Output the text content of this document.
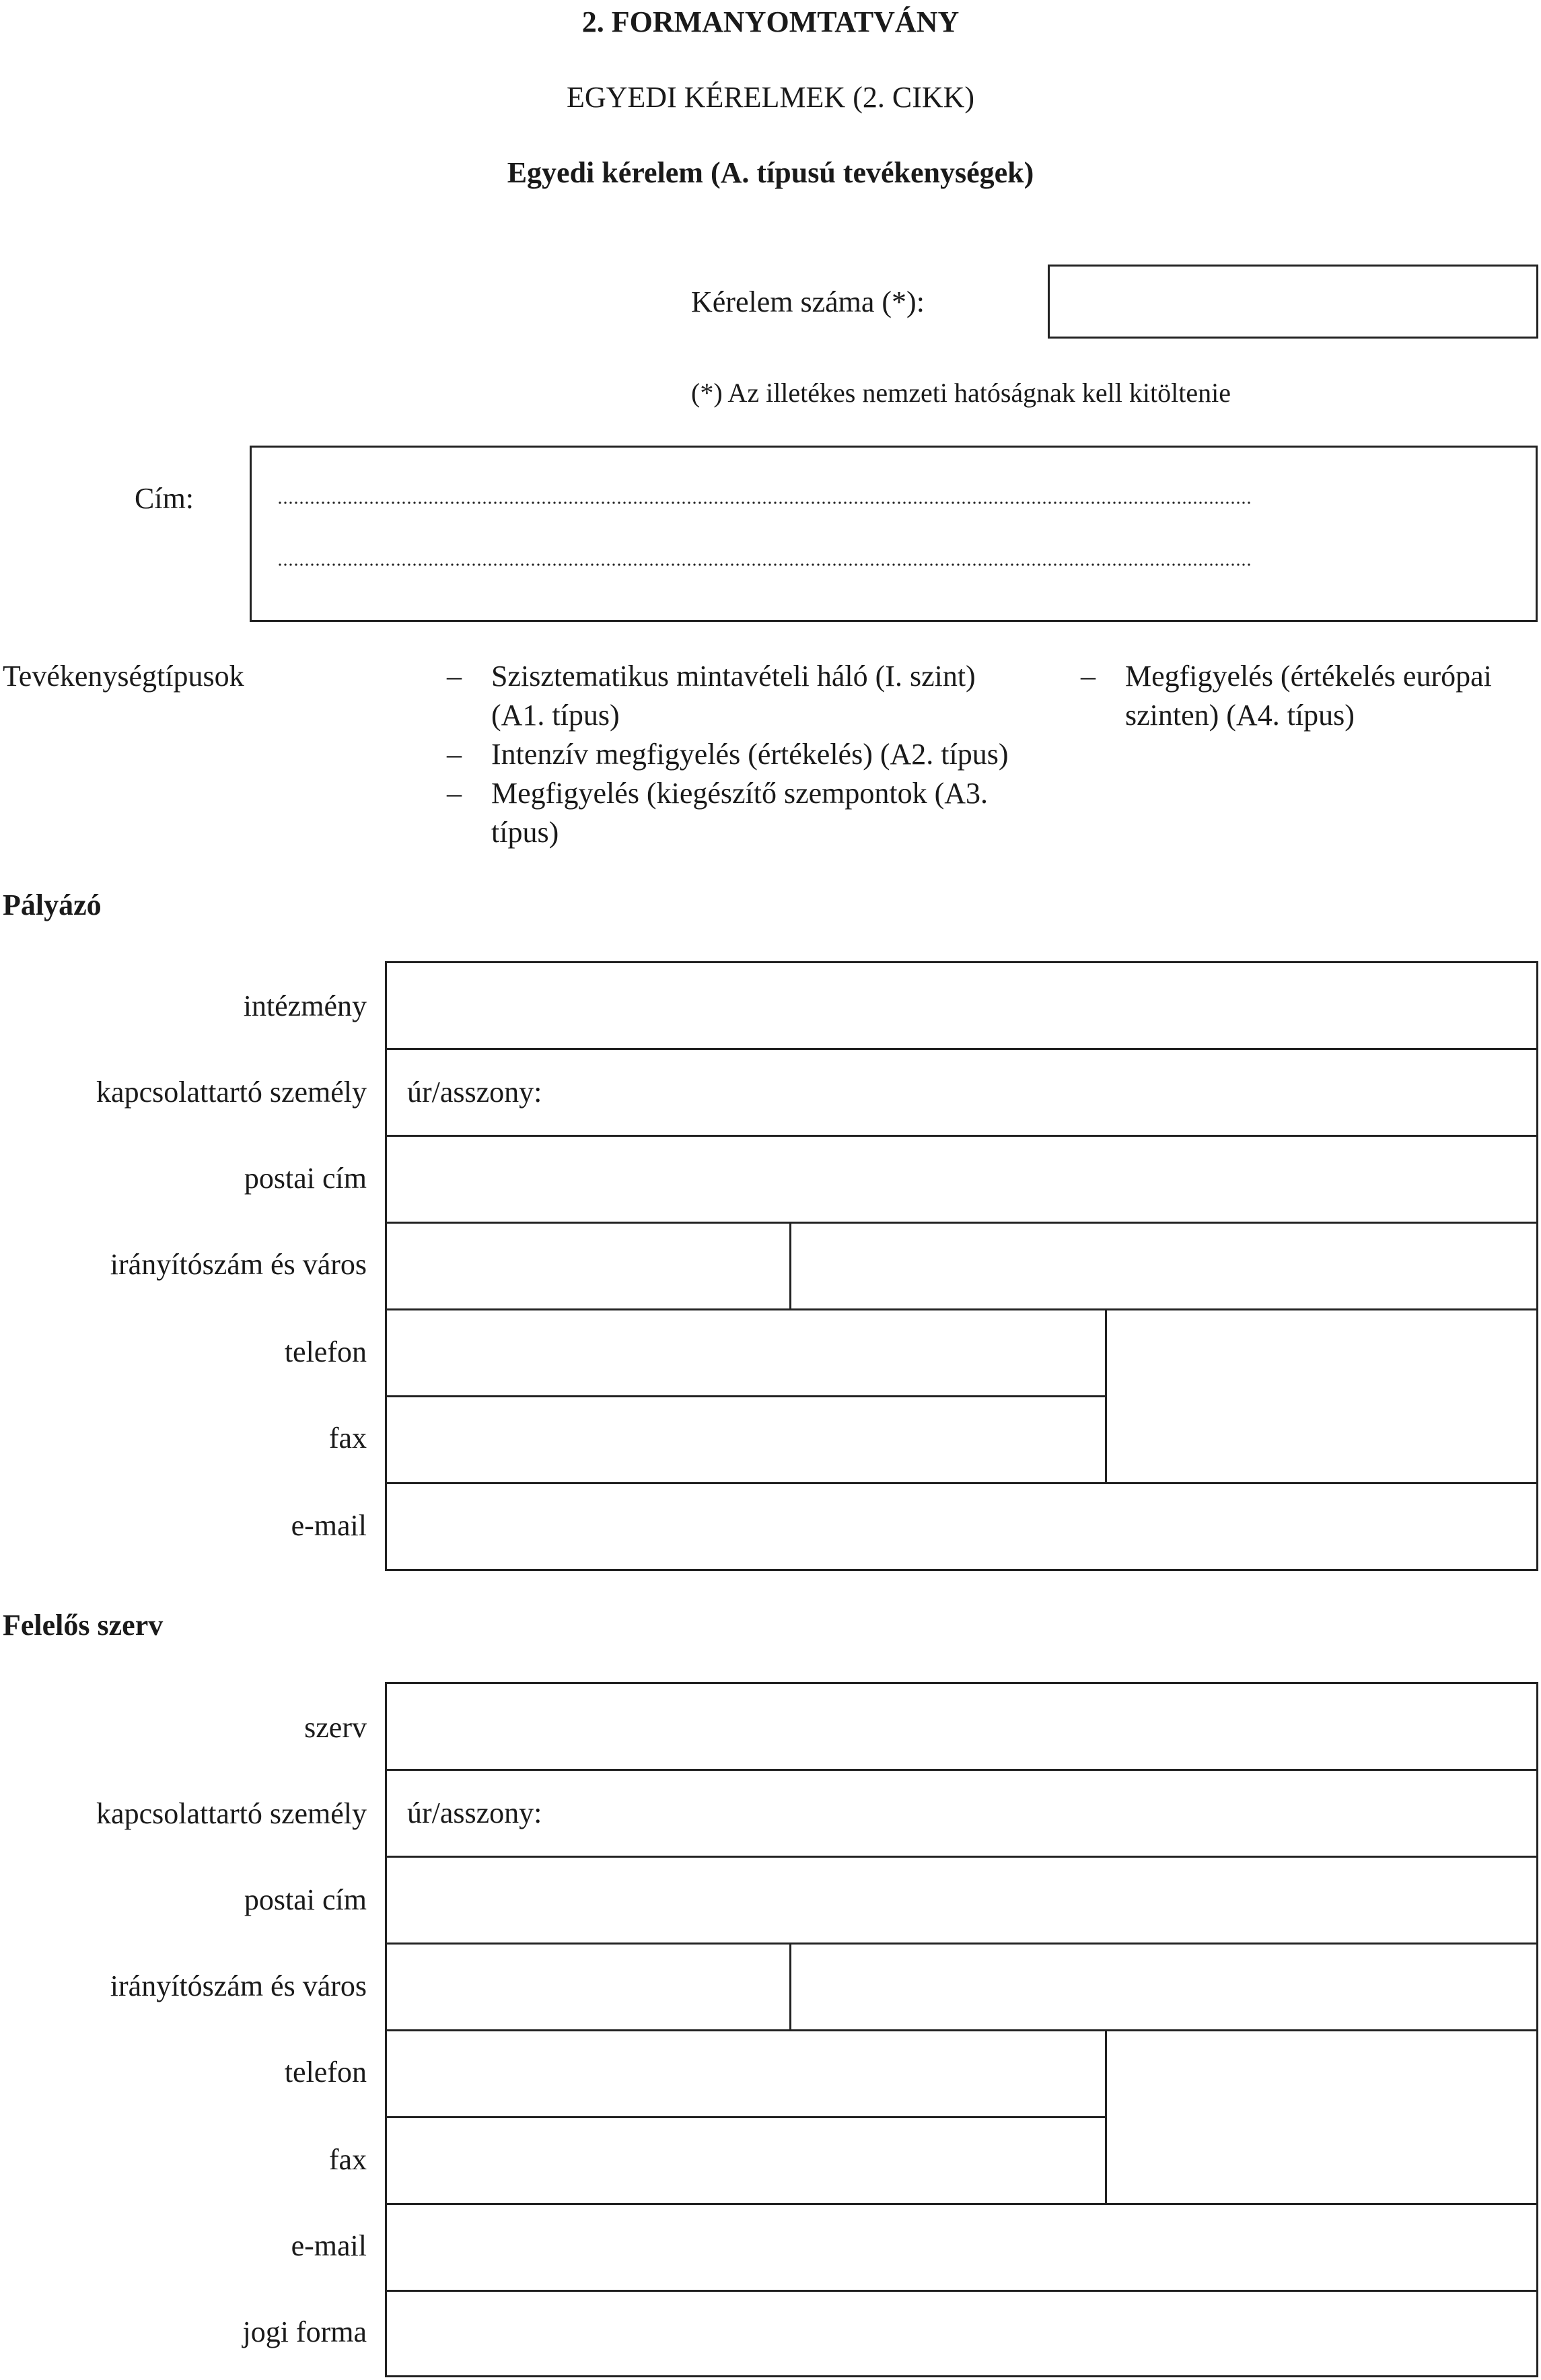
2. FORMANYOMTATVÁNY
EGYEDI KÉRELMEK (2. CIKK)
Egyedi kérelem (A. típusú tevékenységek)
Kérelem száma (*):
(*) Az illetékes nemzeti hatóságnak kell kitöltenie
Cím:
Tevékenységtípusok	– Szisztematikus mintavételi háló (I. szint) (A1. típus)
– Intenzív megfigyelés (értékelés) (A2. típus)
– Megfigyelés (kiegészítő szempontok (A3. típus)
– Megfigyelés (értékelés európai szinten) (A4. típus)
Pályázó
intézmény
kapcsolattartó személy
postai cím
irányítószám és város
telefon
fax
e-mail
úr/asszony:
Felelős szerv
szerv
kapcsolattartó személy
postai cím
irányítószám és város
telefon
fax
e-mail
jogi forma
úr/asszony:
